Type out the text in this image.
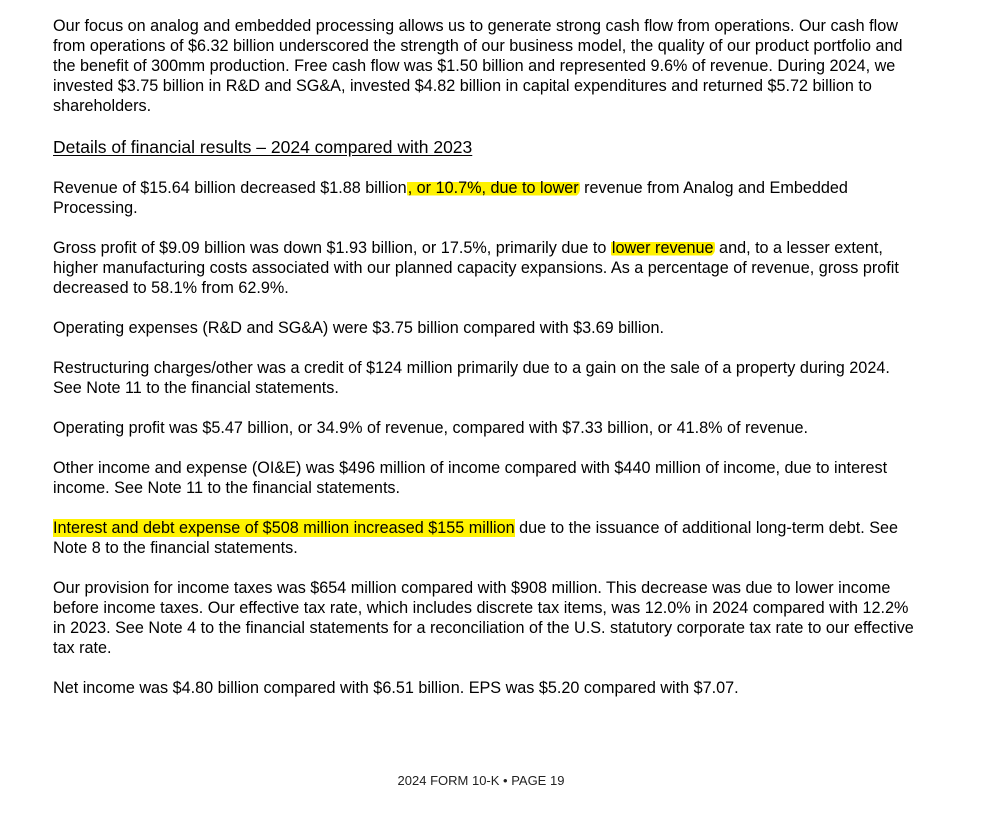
Our focus on analog and embedded processing allows us to generate strong cash flow from operations. Our cash flow from operations of $6.32 billion underscored the strength of our business model, the quality of our product portfolio and the benefit of 300mm production. Free cash flow was $1.50 billion and represented 9.6% of revenue. During 2024, we invested $3.75 billion in R&D and SG&A, invested $4.82 billion in capital expenditures and returned $5.72 billion to shareholders.

Details of financial results – 2024 compared with 2023

Revenue of $15.64 billion decreased $1.88 billion, or 10.7%, due to lower revenue from Analog and Embedded Processing.

Gross profit of $9.09 billion was down $1.93 billion, or 17.5%, primarily due to lower revenue and, to a lesser extent, higher manufacturing costs associated with our planned capacity expansions. As a percentage of revenue, gross profit decreased to 58.1% from 62.9%.

Operating expenses (R&D and SG&A) were $3.75 billion compared with $3.69 billion.

Restructuring charges/other was a credit of $124 million primarily due to a gain on the sale of a property during 2024. See Note 11 to the financial statements.

Operating profit was $5.47 billion, or 34.9% of revenue, compared with $7.33 billion, or 41.8% of revenue.

Other income and expense (OI&E) was $496 million of income compared with $440 million of income, due to interest income. See Note 11 to the financial statements.

Interest and debt expense of $508 million increased $155 million due to the issuance of additional long-term debt. See Note 8 to the financial statements.

Our provision for income taxes was $654 million compared with $908 million. This decrease was due to lower income before income taxes. Our effective tax rate, which includes discrete tax items, was 12.0% in 2024 compared with 12.2% in 2023. See Note 4 to the financial statements for a reconciliation of the U.S. statutory corporate tax rate to our effective tax rate.

Net income was $4.80 billion compared with $6.51 billion. EPS was $5.20 compared with $7.07.

2024 FORM 10-K • PAGE 19
